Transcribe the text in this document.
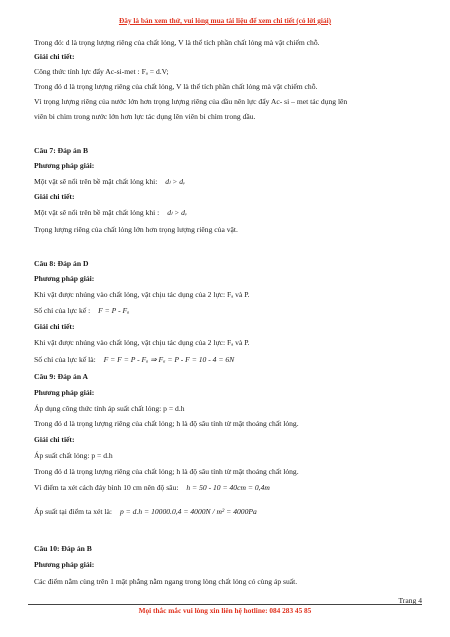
Đây là bản xem thử, vui lòng mua tài liệu để xem chi tiết (có lời giải)
Trong đó: d là trọng lượng riêng của chất lỏng, V là thể tích phần chất lỏng mà vật chiếm chỗ.
Giải chi tiết:
Công thức tính lực đẩy Ac-si-met : Fₐ = d.V;
Trong đó d là trọng lượng riêng của chất lỏng, V là thể tích phần chất lỏng mà vật chiếm chỗ.
Vì trọng lượng riêng của nước lớn hơn trọng lượng riêng của dầu nên lực đẩy Ac- si – met tác dụng lên
viên bi chìm trong nước lớn hơn lực tác dụng lên viên bi chìm trong dầu.
Câu 7: Đáp án B
Phương pháp giải:
Một vật sẽ nổi trên bề mặt chất lỏng khi: dₗ > dᵥ
Giải chi tiết:
Một vật sẽ nổi trên bề mặt chất lỏng khi : dₗ > dᵥ
Trọng lượng riêng của chất lỏng lớn hơn trọng lượng riêng của vật.
Câu 8: Đáp án D
Phương pháp giải:
Khi vật được nhúng vào chất lỏng, vật chịu tác dụng của 2 lực: Fₐ và P.
Số chỉ của lực kế : F = P - Fₐ
Giải chi tiết:
Khi vật được nhúng vào chất lỏng, vật chịu tác dụng của 2 lực: Fₐ và P.
Số chỉ của lực kế là: F = F = P - Fₐ ⇒ Fₐ = P - F = 10 - 4 = 6N
Câu 9: Đáp án A
Phương pháp giải:
Áp dụng công thức tính áp suất chất lỏng: p = d.h
Trong đó d là trọng lượng riêng của chất lỏng; h là độ sâu tính từ mặt thoáng chất lỏng.
Giải chi tiết:
Áp suất chất lỏng: p = d.h
Trong đó d là trọng lượng riêng của chất lỏng; h là độ sâu tính từ mặt thoáng chất lỏng.
Vì điểm ta xét cách đáy bình 10 cm nên độ sâu: h = 50 - 10 = 40cm = 0,4m
Áp suất tại điểm ta xét là: p = d.h = 10000.0,4 = 4000N / m² = 4000Pa
Câu 10: Đáp án B
Phương pháp giải:
Các điểm nằm cùng trên 1 mặt phẳng nằm ngang trong lòng chất lỏng có cùng áp suất.
Trang 4
Mọi thắc mắc vui lòng xin liên hệ hotline: 084 283 45 85
